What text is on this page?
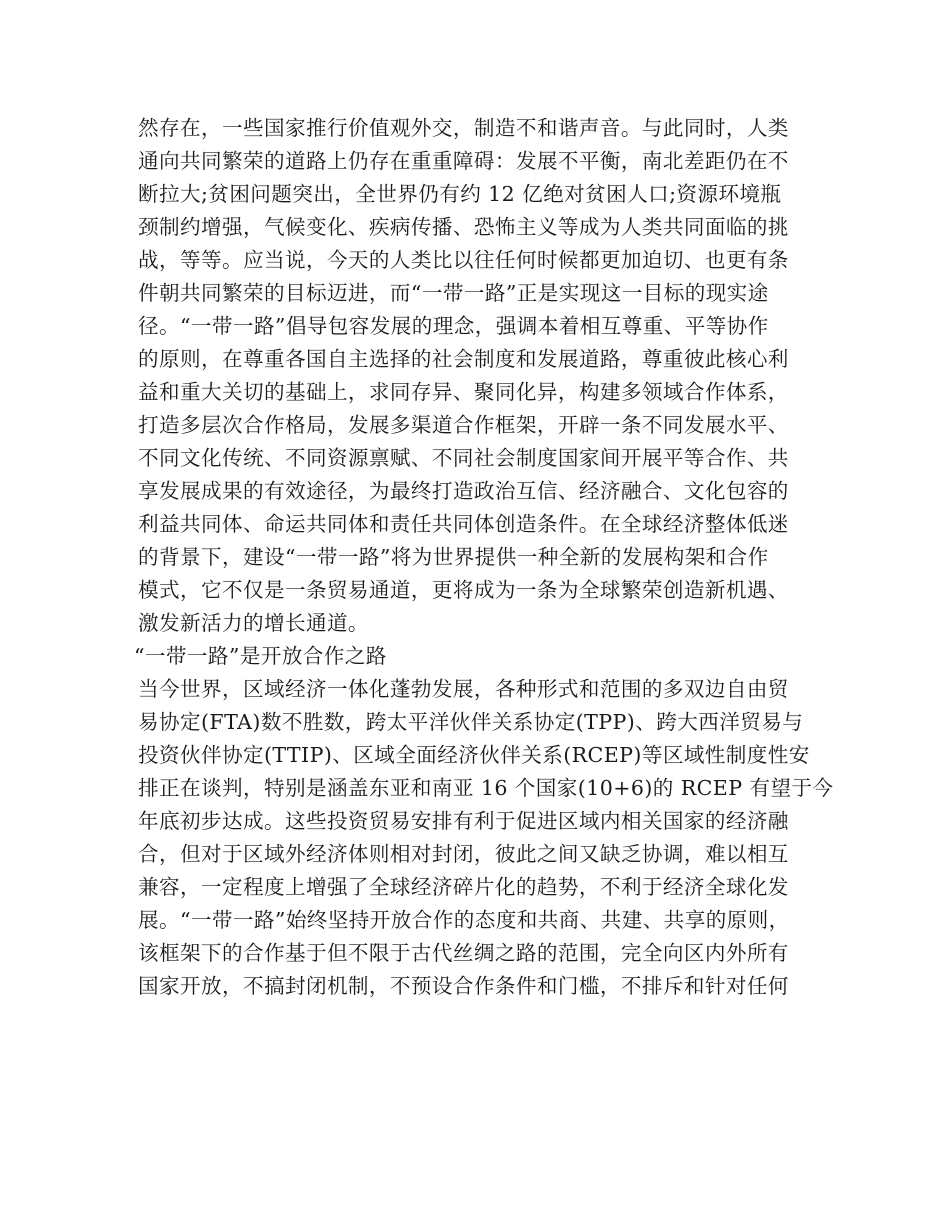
然存在，一些国家推行价值观外交，制造不和谐声音。与此同时，人类
通向共同繁荣的道路上仍存在重重障碍：发展不平衡，南北差距仍在不
断拉大;贫困问题突出，全世界仍有约 12 亿绝对贫困人口;资源环境瓶
颈制约增强，气候变化、疾病传播、恐怖主义等成为人类共同面临的挑
战，等等。应当说，今天的人类比以往任何时候都更加迫切、也更有条
件朝共同繁荣的目标迈进，而“一带一路”正是实现这一目标的现实途
径。“一带一路”倡导包容发展的理念，强调本着相互尊重、平等协作
的原则，在尊重各国自主选择的社会制度和发展道路，尊重彼此核心利
益和重大关切的基础上，求同存异、聚同化异，构建多领域合作体系，
打造多层次合作格局，发展多渠道合作框架，开辟一条不同发展水平、
不同文化传统、不同资源禀赋、不同社会制度国家间开展平等合作、共
享发展成果的有效途径，为最终打造政治互信、经济融合、文化包容的
利益共同体、命运共同体和责任共同体创造条件。在全球经济整体低迷
的背景下，建设“一带一路”将为世界提供一种全新的发展构架和合作
模式，它不仅是一条贸易通道，更将成为一条为全球繁荣创造新机遇、
激发新活力的增长通道。
“一带一路”是开放合作之路
当今世界，区域经济一体化蓬勃发展，各种形式和范围的多双边自由贸
易协定(FTA)数不胜数，跨太平洋伙伴关系协定(TPP)、跨大西洋贸易与
投资伙伴协定(TTIP)、区域全面经济伙伴关系(RCEP)等区域性制度性安
排正在谈判，特别是涵盖东亚和南亚 16 个国家(10+6)的 RCEP 有望于今
年底初步达成。这些投资贸易安排有利于促进区域内相关国家的经济融
合，但对于区域外经济体则相对封闭，彼此之间又缺乏协调，难以相互
兼容，一定程度上增强了全球经济碎片化的趋势，不利于经济全球化发
展。“一带一路”始终坚持开放合作的态度和共商、共建、共享的原则，
该框架下的合作基于但不限于古代丝绸之路的范围，完全向区内外所有
国家开放，不搞封闭机制，不预设合作条件和门槛，不排斥和针对任何
